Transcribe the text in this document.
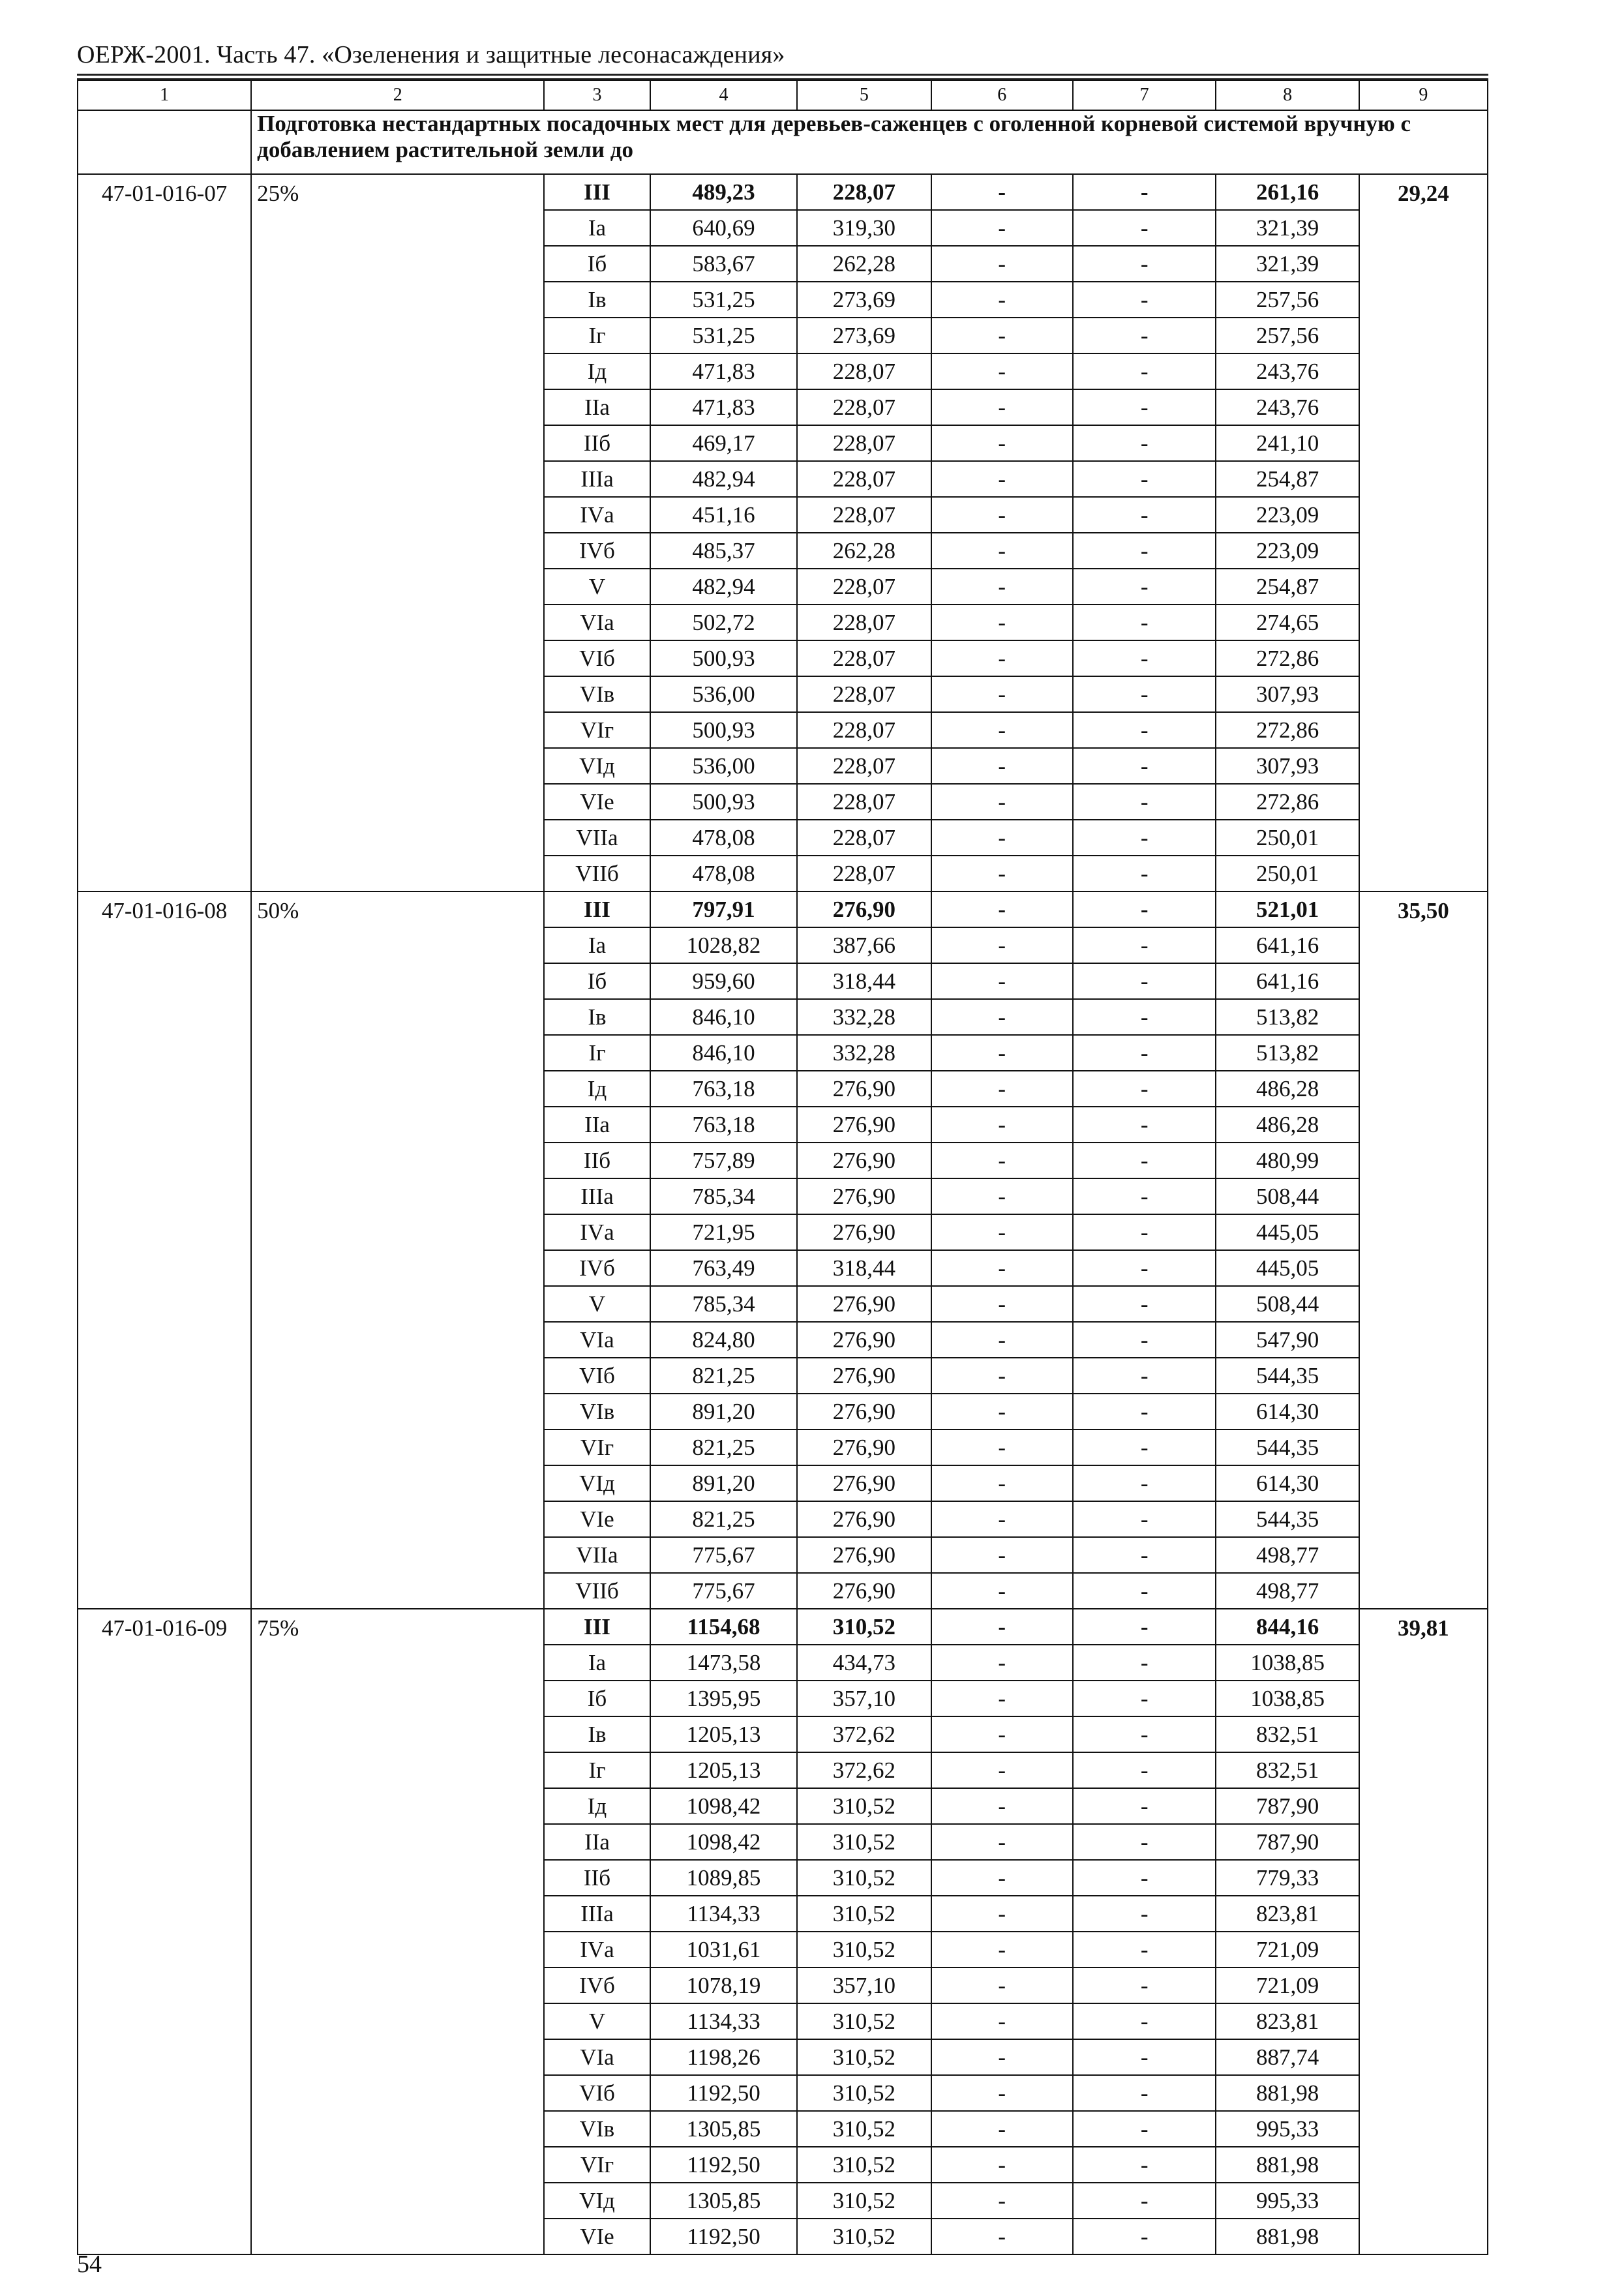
ОЕРЖ-2001. Часть 47. «Озеленения и защитные лесонасаждения»
1	2	3	4	5	6	7	8	9
	Подготовка нестандартных посадочных мест для деревьев-саженцев с оголенной корневой системой вручную с добавлением растительной земли до							
47-01-016-07	25%	III	489,23	228,07	-	-	261,16	29,24
		Iа	640,69	319,30	-	-	321,39	
		Iб	583,67	262,28	-	-	321,39	
		Iв	531,25	273,69	-	-	257,56	
		Iг	531,25	273,69	-	-	257,56	
		Iд	471,83	228,07	-	-	243,76	
		IIа	471,83	228,07	-	-	243,76	
		IIб	469,17	228,07	-	-	241,10	
		IIIа	482,94	228,07	-	-	254,87	
		IVа	451,16	228,07	-	-	223,09	
		IVб	485,37	262,28	-	-	223,09	
		V	482,94	228,07	-	-	254,87	
		VIа	502,72	228,07	-	-	274,65	
		VIб	500,93	228,07	-	-	272,86	
		VIв	536,00	228,07	-	-	307,93	
		VIг	500,93	228,07	-	-	272,86	
		VIд	536,00	228,07	-	-	307,93	
		VIе	500,93	228,07	-	-	272,86	
		VIIа	478,08	228,07	-	-	250,01	
		VIIб	478,08	228,07	-	-	250,01	
47-01-016-08	50%	III	797,91	276,90	-	-	521,01	35,50
		Iа	1028,82	387,66	-	-	641,16	
		Iб	959,60	318,44	-	-	641,16	
		Iв	846,10	332,28	-	-	513,82	
		Iг	846,10	332,28	-	-	513,82	
		Iд	763,18	276,90	-	-	486,28	
		IIа	763,18	276,90	-	-	486,28	
		IIб	757,89	276,90	-	-	480,99	
		IIIа	785,34	276,90	-	-	508,44	
		IVа	721,95	276,90	-	-	445,05	
		IVб	763,49	318,44	-	-	445,05	
		V	785,34	276,90	-	-	508,44	
		VIа	824,80	276,90	-	-	547,90	
		VIб	821,25	276,90	-	-	544,35	
		VIв	891,20	276,90	-	-	614,30	
		VIг	821,25	276,90	-	-	544,35	
		VIд	891,20	276,90	-	-	614,30	
		VIе	821,25	276,90	-	-	544,35	
		VIIа	775,67	276,90	-	-	498,77	
		VIIб	775,67	276,90	-	-	498,77	
47-01-016-09	75%	III	1154,68	310,52	-	-	844,16	39,81
		Iа	1473,58	434,73	-	-	1038,85	
		Iб	1395,95	357,10	-	-	1038,85	
		Iв	1205,13	372,62	-	-	832,51	
		Iг	1205,13	372,62	-	-	832,51	
		Iд	1098,42	310,52	-	-	787,90	
		IIа	1098,42	310,52	-	-	787,90	
		IIб	1089,85	310,52	-	-	779,33	
		IIIа	1134,33	310,52	-	-	823,81	
		IVа	1031,61	310,52	-	-	721,09	
		IVб	1078,19	357,10	-	-	721,09	
		V	1134,33	310,52	-	-	823,81	
		VIа	1198,26	310,52	-	-	887,74	
		VIб	1192,50	310,52	-	-	881,98	
		VIв	1305,85	310,52	-	-	995,33	
		VIг	1192,50	310,52	-	-	881,98	
		VIд	1305,85	310,52	-	-	995,33	
		VIе	1192,50	310,52	-	-	881,98	
54
